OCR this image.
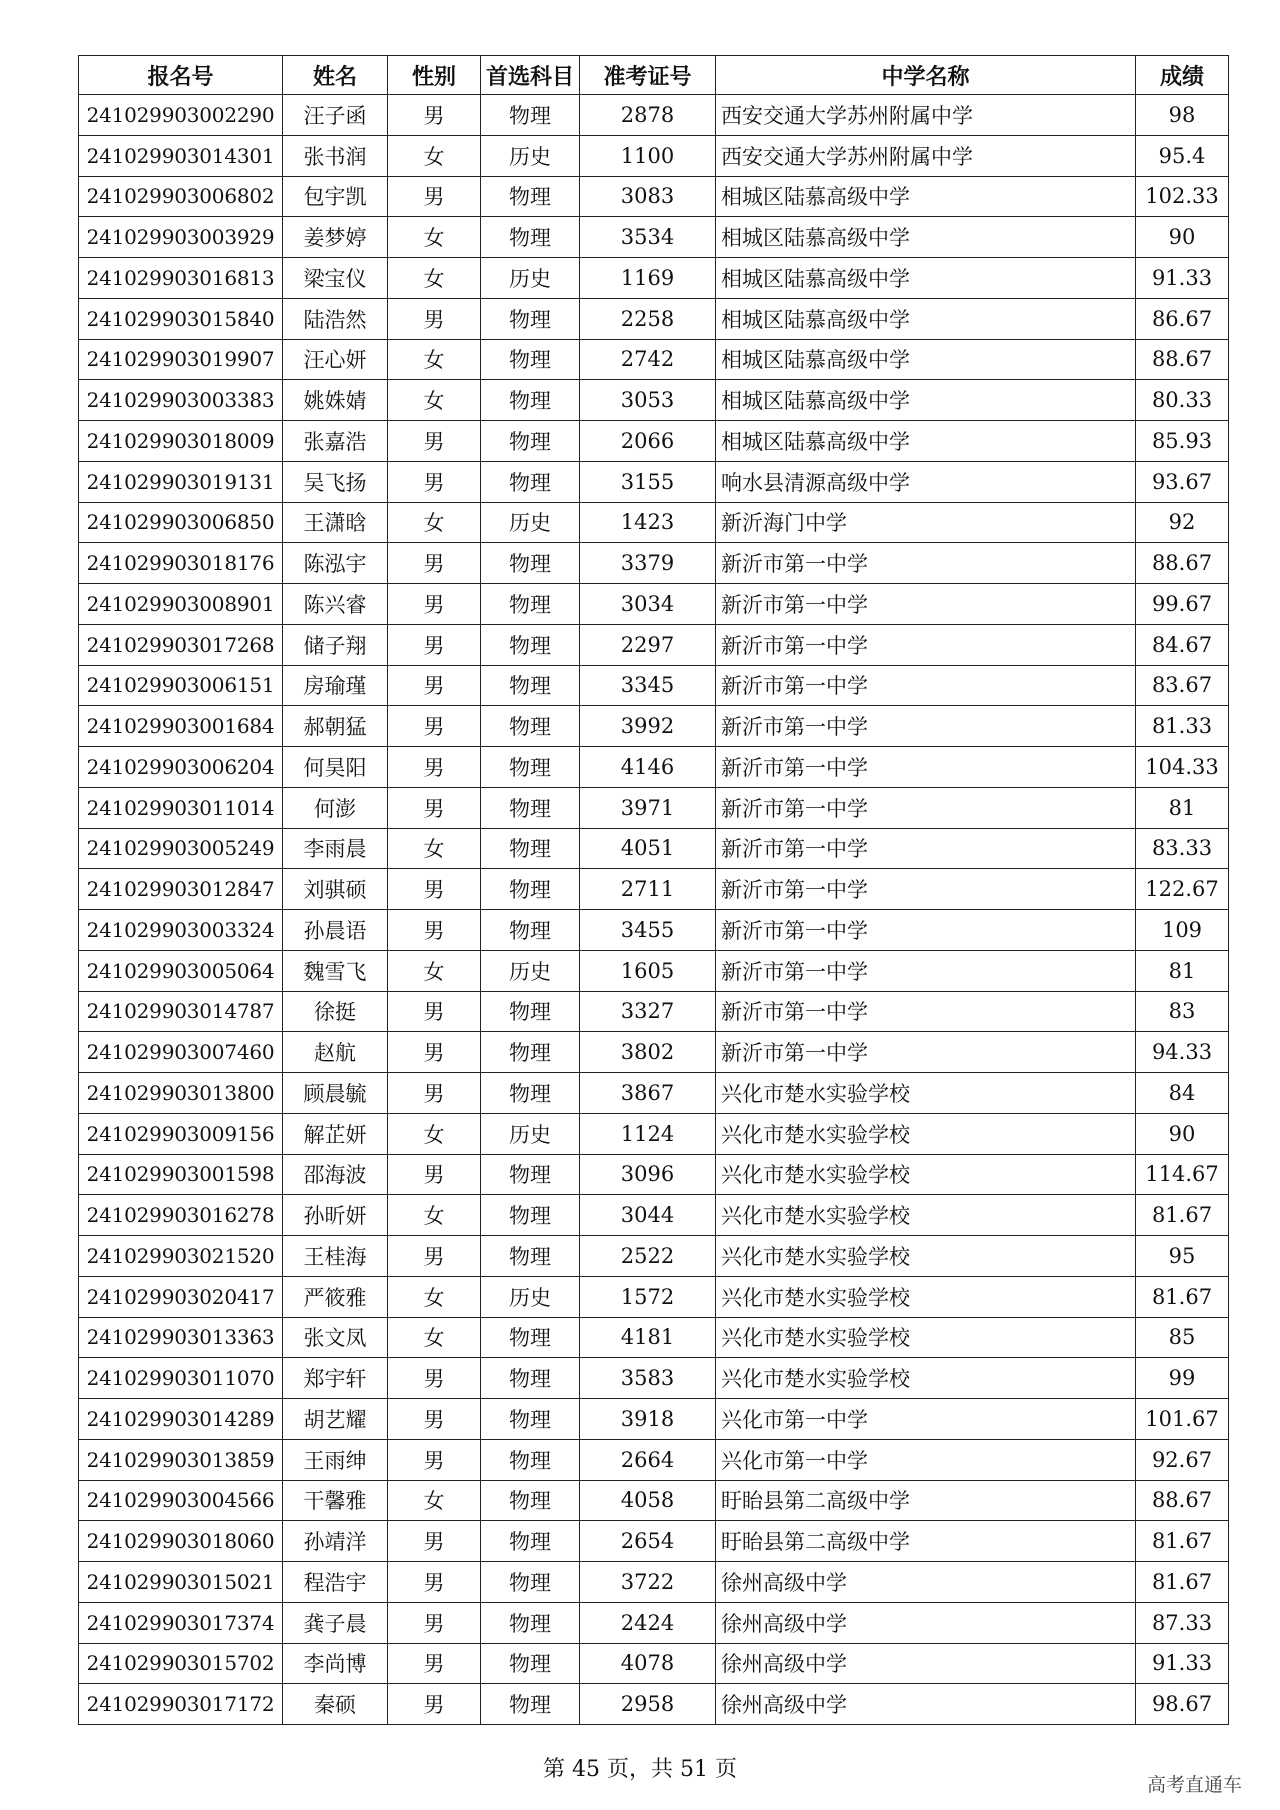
报名号	姓名	性别	首选科目	准考证号	中学名称	成绩
241029903002290	汪子函	男	物理	2878	西安交通大学苏州附属中学	98
241029903014301	张书润	女	历史	1100	西安交通大学苏州附属中学	95.4
241029903006802	包宇凯	男	物理	3083	相城区陆慕高级中学	102.33
241029903003929	姜梦婷	女	物理	3534	相城区陆慕高级中学	90
241029903016813	梁宝仪	女	历史	1169	相城区陆慕高级中学	91.33
241029903015840	陆浩然	男	物理	2258	相城区陆慕高级中学	86.67
241029903019907	汪心妍	女	物理	2742	相城区陆慕高级中学	88.67
241029903003383	姚姝婧	女	物理	3053	相城区陆慕高级中学	80.33
241029903018009	张嘉浩	男	物理	2066	相城区陆慕高级中学	85.93
241029903019131	吴飞扬	男	物理	3155	响水县清源高级中学	93.67
241029903006850	王潇晗	女	历史	1423	新沂海门中学	92
241029903018176	陈泓宇	男	物理	3379	新沂市第一中学	88.67
241029903008901	陈兴睿	男	物理	3034	新沂市第一中学	99.67
241029903017268	储子翔	男	物理	2297	新沂市第一中学	84.67
241029903006151	房瑜瑾	男	物理	3345	新沂市第一中学	83.67
241029903001684	郝朝猛	男	物理	3992	新沂市第一中学	81.33
241029903006204	何昊阳	男	物理	4146	新沂市第一中学	104.33
241029903011014	何澎	男	物理	3971	新沂市第一中学	81
241029903005249	李雨晨	女	物理	4051	新沂市第一中学	83.33
241029903012847	刘骐硕	男	物理	2711	新沂市第一中学	122.67
241029903003324	孙晨语	男	物理	3455	新沂市第一中学	109
241029903005064	魏雪飞	女	历史	1605	新沂市第一中学	81
241029903014787	徐挺	男	物理	3327	新沂市第一中学	83
241029903007460	赵航	男	物理	3802	新沂市第一中学	94.33
241029903013800	顾晨毓	男	物理	3867	兴化市楚水实验学校	84
241029903009156	解芷妍	女	历史	1124	兴化市楚水实验学校	90
241029903001598	邵海波	男	物理	3096	兴化市楚水实验学校	114.67
241029903016278	孙昕妍	女	物理	3044	兴化市楚水实验学校	81.67
241029903021520	王桂海	男	物理	2522	兴化市楚水实验学校	95
241029903020417	严筱雅	女	历史	1572	兴化市楚水实验学校	81.67
241029903013363	张文凤	女	物理	4181	兴化市楚水实验学校	85
241029903011070	郑宇轩	男	物理	3583	兴化市楚水实验学校	99
241029903014289	胡艺耀	男	物理	3918	兴化市第一中学	101.67
241029903013859	王雨绅	男	物理	2664	兴化市第一中学	92.67
241029903004566	干馨雅	女	物理	4058	盱眙县第二高级中学	88.67
241029903018060	孙靖洋	男	物理	2654	盱眙县第二高级中学	81.67
241029903015021	程浩宇	男	物理	3722	徐州高级中学	81.67
241029903017374	龚子晨	男	物理	2424	徐州高级中学	87.33
241029903015702	李尚博	男	物理	4078	徐州高级中学	91.33
241029903017172	秦硕	男	物理	2958	徐州高级中学	98.67
第 45 页，共 51 页
高考直通车
